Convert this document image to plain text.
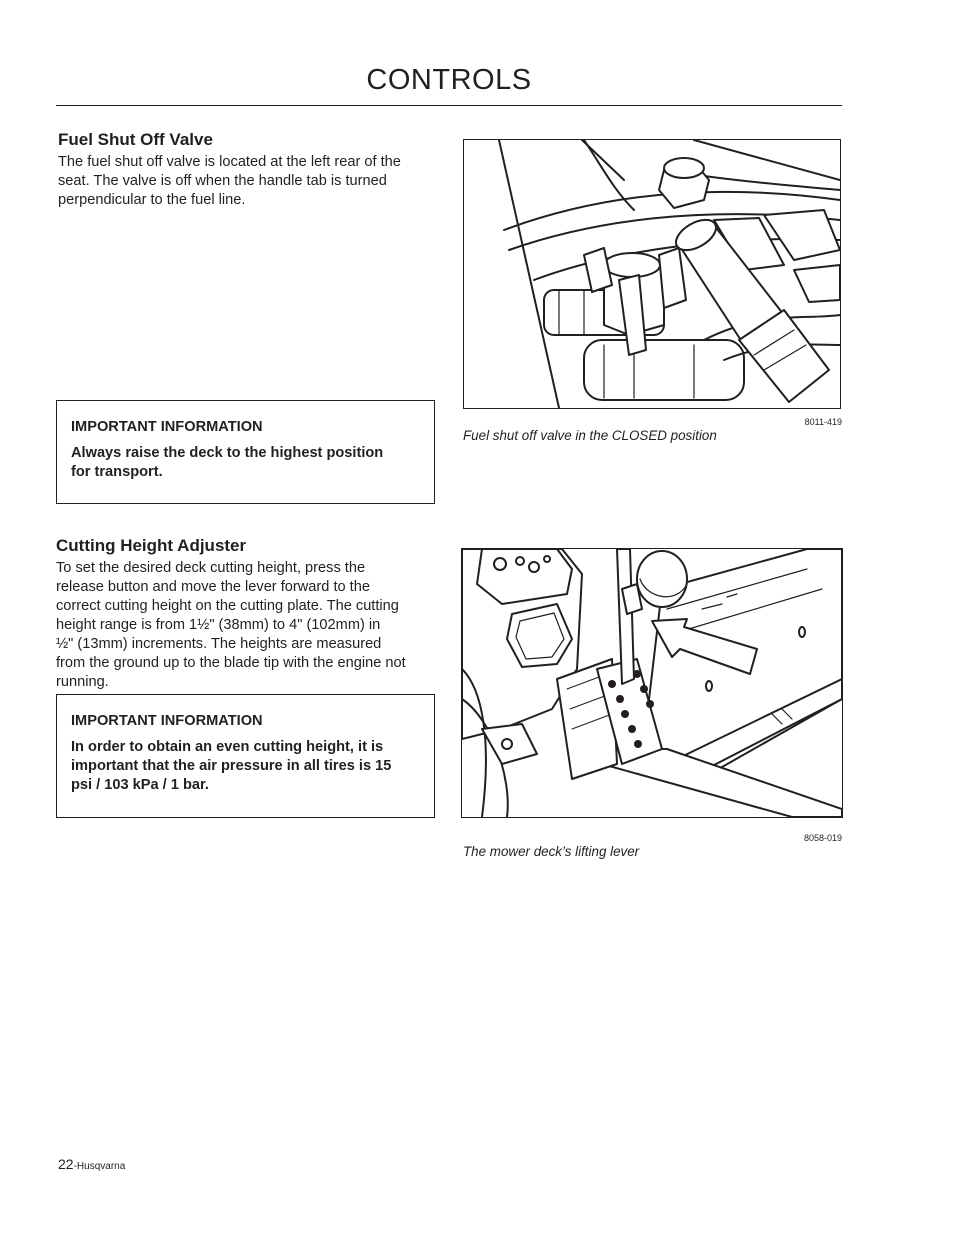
CONTROLS
Fuel Shut Off Valve
The fuel shut off valve is located at the left rear of the
seat. The valve is off when the handle tab is turned
perpendicular to the fuel line.
IMPORTANT INFORMATION
Always raise the deck to the highest position
for transport.
8011-419
Fuel shut off valve in the CLOSED position
Cutting Height Adjuster
To set the desired deck cutting height, press the
release button and move the lever forward to the
correct cutting height on the cutting plate. The cutting
height range is from 1½" (38mm) to 4" (102mm) in
½" (13mm) increments. The heights are measured
from the ground up to the blade tip with the engine not
running.
IMPORTANT INFORMATION
In order to obtain an even cutting height, it is
important that the air pressure in all tires is 15
psi / 103 kPa / 1 bar.
8058-019
The mower deck’s lifting lever
22-Husqvarna
